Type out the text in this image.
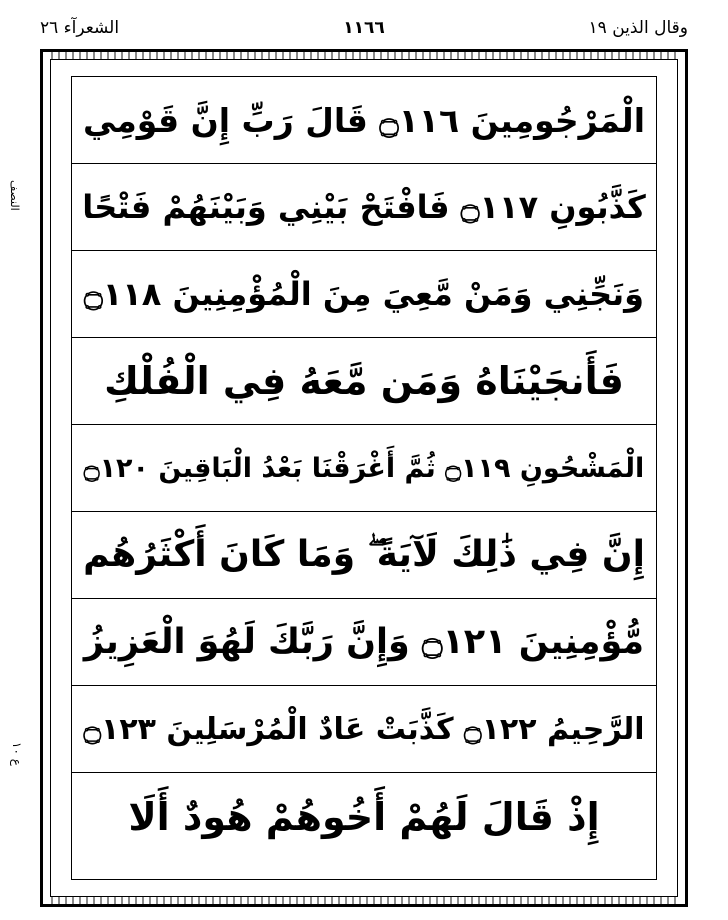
وقال الذين ١٩
١١٦٦
الشعرآء ٢٦
النصف
ع ١٠
الْمَرْجُومِينَ ۝١١٦ قَالَ رَبِّ إِنَّ قَوْمِي
كَذَّبُونِ ۝١١٧ فَافْتَحْ بَيْنِي وَبَيْنَهُمْ فَتْحًا
وَنَجِّنِي وَمَنْ مَّعِيَ مِنَ الْمُؤْمِنِينَ ۝١١٨
فَأَنجَيْنَاهُ وَمَن مَّعَهُ فِي الْفُلْكِ
الْمَشْحُونِ ۝١١٩ ثُمَّ أَغْرَقْنَا بَعْدُ الْبَاقِينَ ۝١٢٠
إِنَّ فِي ذَٰلِكَ لَآيَةً ۖ وَمَا كَانَ أَكْثَرُهُم
مُّؤْمِنِينَ ۝١٢١ وَإِنَّ رَبَّكَ لَهُوَ الْعَزِيزُ
الرَّحِيمُ ۝١٢٢ كَذَّبَتْ عَادٌ الْمُرْسَلِينَ ۝١٢٣
إِذْ قَالَ لَهُمْ أَخُوهُمْ هُودٌ أَلَا
